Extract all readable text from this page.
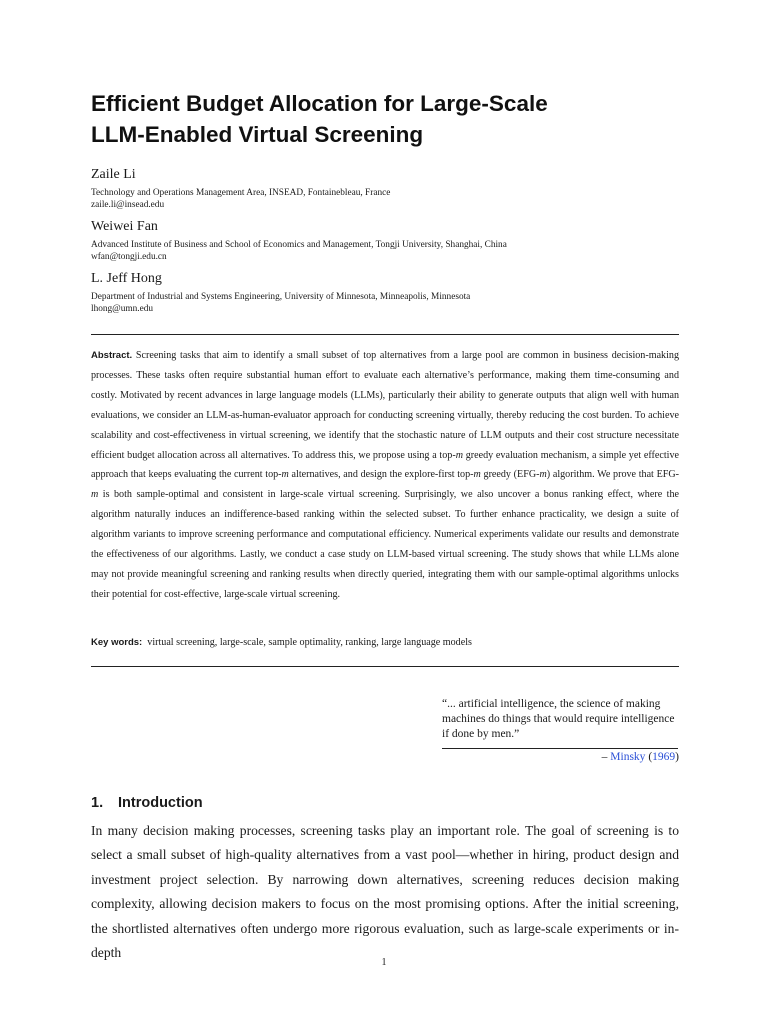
Efficient Budget Allocation for Large-Scale
LLM-Enabled Virtual Screening
Zaile Li
Technology and Operations Management Area, INSEAD, Fontainebleau, France
zaile.li@insead.edu
Weiwei Fan
Advanced Institute of Business and School of Economics and Management, Tongji University, Shanghai, China
wfan@tongji.edu.cn
L. Jeff Hong
Department of Industrial and Systems Engineering, University of Minnesota, Minneapolis, Minnesota
lhong@umn.edu

Abstract. Screening tasks that aim to identify a small subset of top alternatives from a large pool are common in business decision-making processes. These tasks often require substantial human effort to evaluate each alternative’s performance, making them time-consuming and costly. Motivated by recent advances in large language models (LLMs), particularly their ability to generate outputs that align well with human evaluations, we consider an LLM-as-human-evaluator approach for conducting screening virtually, thereby reducing the cost burden. To achieve scalability and cost-effectiveness in virtual screening, we identify that the stochastic nature of LLM outputs and their cost structure necessitate efficient budget allocation across all alternatives. To address this, we propose using a top-m greedy evaluation mechanism, a simple yet effective approach that keeps evaluating the current top-m alternatives, and design the explore-first top-m greedy (EFG-m) algorithm. We prove that EFG-m is both sample-optimal and consistent in large-scale virtual screening. Surprisingly, we also uncover a bonus ranking effect, where the algorithm naturally induces an indifference-based ranking within the selected subset. To further enhance practicality, we design a suite of algorithm variants to improve screening performance and computational efficiency. Numerical experiments validate our results and demonstrate the effectiveness of our algorithms. Lastly, we conduct a case study on LLM-based virtual screening. The study shows that while LLMs alone may not provide meaningful screening and ranking results when directly queried, integrating them with our sample-optimal algorithms unlocks their potential for cost-effective, large-scale virtual screening.

Key words: virtual screening, large-scale, sample optimality, ranking, large language models
“... artificial intelligence, the science of making machines do things that would require intelligence if done by men.”
– Minsky (1969)
1. Introduction

In many decision making processes, screening tasks play an important role. The goal of screening is to select a small subset of high-quality alternatives from a vast pool—whether in hiring, product design and investment project selection. By narrowing down alternatives, screening reduces decision making complexity, allowing decision makers to focus on the most promising options. After the initial screening, the shortlisted alternatives often undergo more rigorous evaluation, such as large-scale experiments or in-depth

1
